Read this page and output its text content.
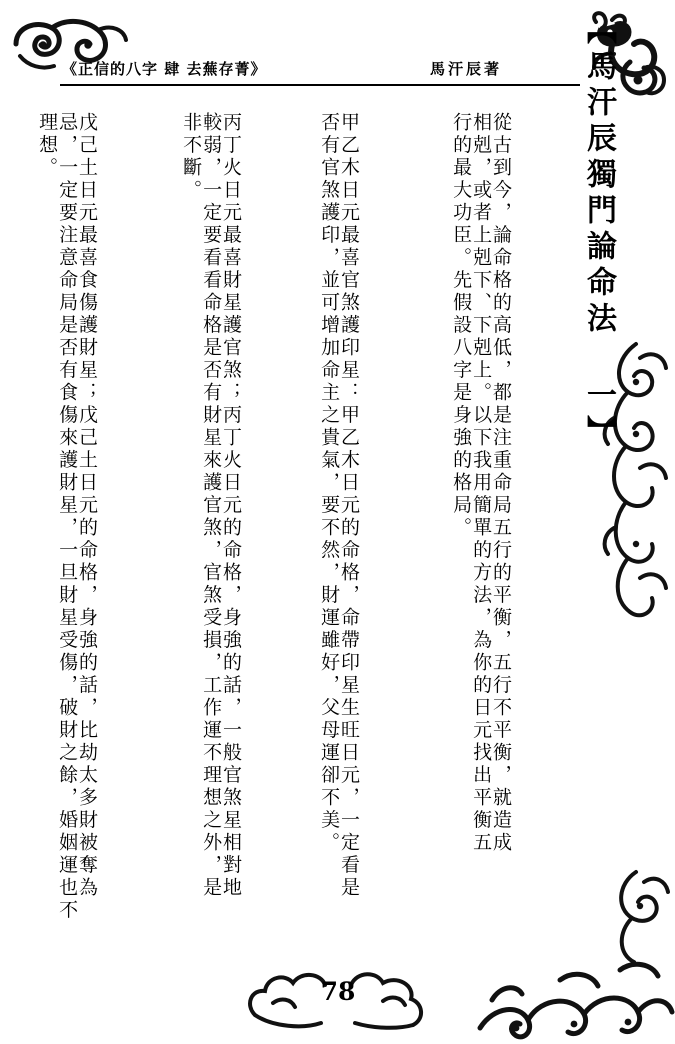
《正信的八字 肆 去蕪存菁》	馬汗辰著	【馬汗辰獨門論命法 一】
從古到今，論命格的高低，都是注重命局五行的平衡，五行不平衡，就造成相剋，或者上剋下、下剋上。以下我用簡單的方法，為你的日元找出平衡五行的最大功臣。先假設八字是身強的格局。
甲乙木日元最喜官煞護印星：甲乙木日元的命格，命帶印星生旺日元，一定看是否有官煞護印，並可增加命主之貴氣，要不然，財運雖好，父母運卻不美。
丙丁火日元最喜財星護官煞；丙丁火日元的命格，身強的話，一般官煞星相對地較弱，一定要看看命格是否有財星來護官煞，官煞受損，工作運不理想之外，是非不斷。
戊己土日元最喜食傷護財星；戊己土日元的命格，身強的話，比劫太多財被奪為忌，一定要注意命局是否有食傷來護財星，一旦財星受傷，破財之餘，婚姻運也不理想。
78
